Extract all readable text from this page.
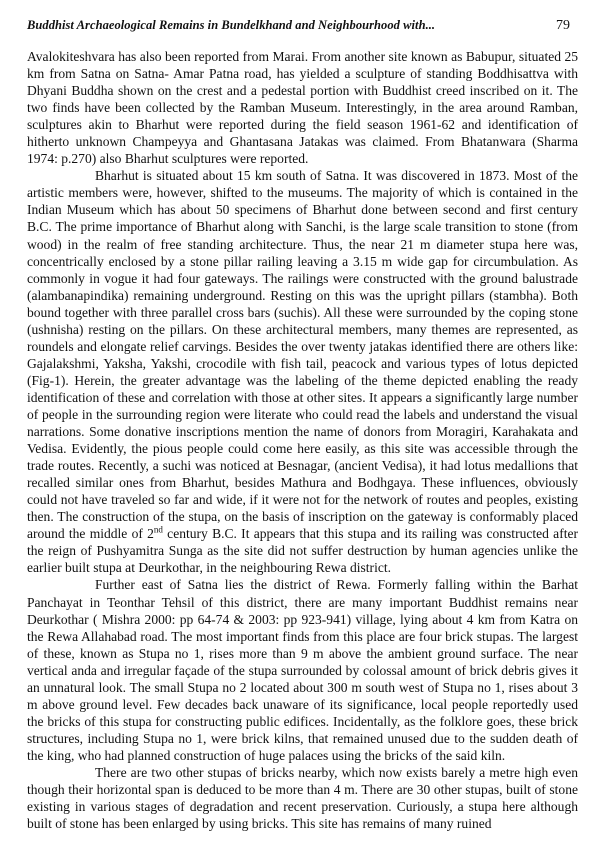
Buddhist Archaeological Remains in Bundelkhand and Neighbourhood with...	79

Avalokiteshvara has also been reported from Marai. From another site known as Babupur, situated 25 km from Satna on Satna- Amar Patna road, has yielded a sculpture of standing Boddhisattva with Dhyani Buddha shown on the crest and a pedestal portion with Buddhist creed inscribed on it. The two finds have been collected by the Ramban Museum. Interestingly, in the area around Ramban, sculptures akin to Bharhut were reported during the field season 1961-62 and identification of hitherto unknown Champeyya and Ghantasana Jatakas was claimed. From Bhatanwara (Sharma 1974: p.270) also Bharhut sculptures were reported.

Bharhut is situated about 15 km south of Satna. It was discovered in 1873. Most of the artistic members were, however, shifted to the museums. The majority of which is contained in the Indian Museum which has about 50 specimens of Bharhut done between second and first century B.C. The prime importance of Bharhut along with Sanchi, is the large scale transition to stone (from wood) in the realm of free standing architecture. Thus, the near 21 m diameter stupa here was, concentrically enclosed by a stone pillar railing leaving a 3.15 m wide gap for circumbulation. As commonly in vogue it had four gateways. The railings were constructed with the ground balustrade (alambanapindika) remaining underground. Resting on this was the upright pillars (stambha). Both bound together with three parallel cross bars (suchis). All these were surrounded by the coping stone (ushnisha) resting on the pillars. On these architectural members, many themes are represented, as roundels and elongate relief carvings. Besides the over twenty jatakas identified there are others like: Gajalakshmi, Yaksha, Yakshi, crocodile with fish tail, peacock and various types of lotus depicted (Fig-1). Herein, the greater advantage was the labeling of the theme depicted enabling the ready identification of these and correlation with those at other sites. It appears a significantly large number of people in the surrounding region were literate who could read the labels and understand the visual narrations. Some donative inscriptions mention the name of donors from Moragiri, Karahakata and Vedisa. Evidently, the pious people could come here easily, as this site was accessible through the trade routes. Recently, a suchi was noticed at Besnagar, (ancient Vedisa), it had lotus medallions that recalled similar ones from Bharhut, besides Mathura and Bodhgaya. These influences, obviously could not have traveled so far and wide, if it were not for the network of routes and peoples, existing then. The construction of the stupa, on the basis of inscription on the gateway is conformably placed around the middle of 2nd century B.C. It appears that this stupa and its railing was constructed after the reign of Pushyamitra Sunga as the site did not suffer destruction by human agencies unlike the earlier built stupa at Deurkothar, in the neighbouring Rewa district.

Further east of Satna lies the district of Rewa. Formerly falling within the Barhat Panchayat in Teonthar Tehsil of this district, there are many important Buddhist remains near Deurkothar ( Mishra 2000: pp 64-74 & 2003: pp 923-941) village, lying about 4 km from Katra on the Rewa Allahabad road. The most important finds from this place are four brick stupas. The largest of these, known as Stupa no 1, rises more than 9 m above the ambient ground surface. The near vertical anda and irregular façade of the stupa surrounded by colossal amount of brick debris gives it an unnatural look. The small Stupa no 2 located about 300 m south west of Stupa no 1, rises about 3 m above ground level. Few decades back unaware of its significance, local people reportedly used the bricks of this stupa for constructing public edifices. Incidentally, as the folklore goes, these brick structures, including Stupa no 1, were brick kilns, that remained unused due to the sudden death of the king, who had planned construction of huge palaces using the bricks of the said kiln.

There are two other stupas of bricks nearby, which now exists barely a metre high even though their horizontal span is deduced to be more than 4 m. There are 30 other stupas, built of stone existing in various stages of degradation and recent preservation. Curiously, a stupa here although built of stone has been enlarged by using bricks. This site has remains of many ruined
